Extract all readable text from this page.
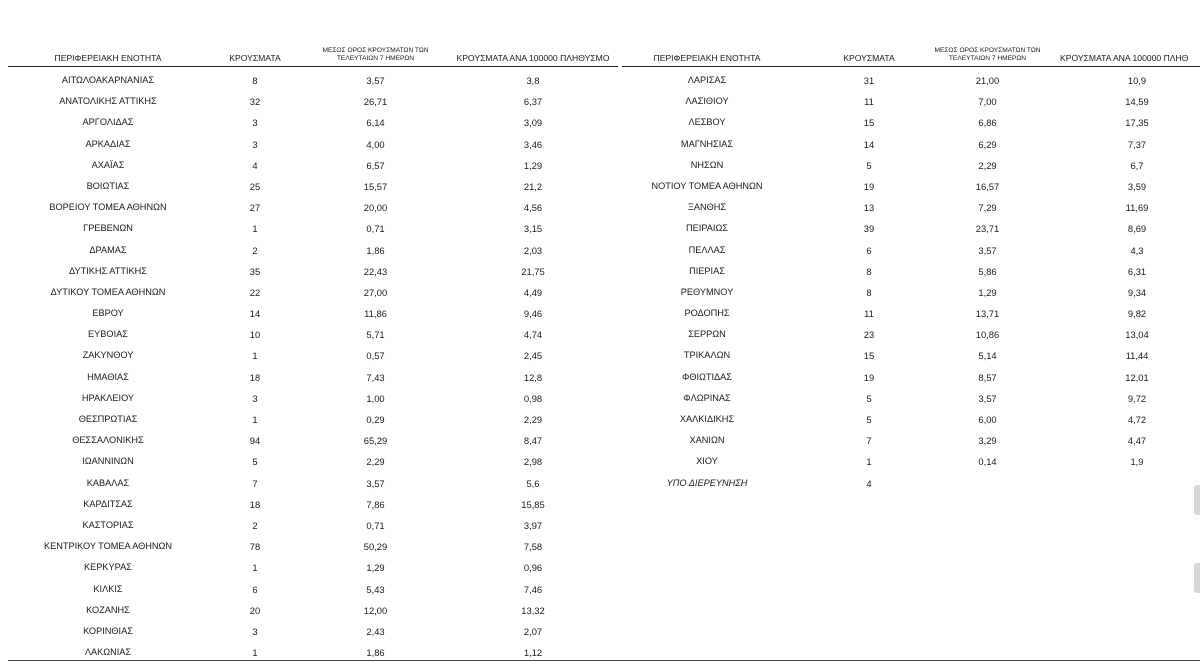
ΠΕΡΙΦΕΡΕΙΑΚΗ ΕΝΟΤΗΤΑ	ΚΡΟΥΣΜΑΤΑ
ΜΕΣΟΣ ΟΡΟΣ ΚΡΟΥΣΜΑΤΩΝ ΤΩΝ
ΤΕΛΕΥΤΑΙΩΝ 7 ΗΜΕΡΩΝ	ΚΡΟΥΣΜΑΤΑ ΑΝΑ 100000 ΠΛΗΘΥΣΜΟ
ΑΙΤΩΛΟΑΚΑΡΝΑΝΙΑΣ	8	3,57	3,8
ΑΝΑΤΟΛΙΚΗΣ ΑΤΤΙΚΗΣ	32	26,71	6,37
ΑΡΓΟΛΙΔΑΣ	3	6,14	3,09
ΑΡΚΑΔΙΑΣ	3	4,00	3,46
ΑΧΑΪΑΣ	4	6,57	1,29
ΒΟΙΩΤΙΑΣ	25	15,57	21,2
ΒΟΡΕΙΟΥ ΤΟΜΕΑ ΑΘΗΝΩΝ	27	20,00	4,56
ΓΡΕΒΕΝΩΝ	1	0,71	3,15
ΔΡΑΜΑΣ	2	1,86	2,03
ΔΥΤΙΚΗΣ ΑΤΤΙΚΗΣ	35	22,43	21,75
ΔΥΤΙΚΟΥ ΤΟΜΕΑ ΑΘΗΝΩΝ	22	27,00	4,49
ΕΒΡΟΥ	14	11,86	9,46
ΕΥΒΟΙΑΣ	10	5,71	4,74
ΖΑΚΥΝΘΟΥ	1	0,57	2,45
ΗΜΑΘΙΑΣ	18	7,43	12,8
ΗΡΑΚΛΕΙΟΥ	3	1,00	0,98
ΘΕΣΠΡΩΤΙΑΣ	1	0,29	2,29
ΘΕΣΣΑΛΟΝΙΚΗΣ	94	65,29	8,47
ΙΩΑΝΝΙΝΩΝ	5	2,29	2,98
ΚΑΒΑΛΑΣ	7	3,57	5,6
ΚΑΡΔΙΤΣΑΣ	18	7,86	15,85
ΚΑΣΤΟΡΙΑΣ	2	0,71	3,97
ΚΕΝΤΡΙΚΟΥ ΤΟΜΕΑ ΑΘΗΝΩΝ	78	50,29	7,58
ΚΕΡΚΥΡΑΣ	1	1,29	0,96
ΚΙΛΚΙΣ	6	5,43	7,46
ΚΟΖΑΝΗΣ	20	12,00	13,32
ΚΟΡΙΝΘΙΑΣ	3	2,43	2,07
ΛΑΚΩΝΙΑΣ	1	1,86	1,12
ΠΕΡΙΦΕΡΕΙΑΚΗ ΕΝΟΤΗΤΑ	ΚΡΟΥΣΜΑΤΑ
ΜΕΣΟΣ ΟΡΟΣ ΚΡΟΥΣΜΑΤΩΝ ΤΩΝ
ΤΕΛΕΥΤΑΙΩΝ 7 ΗΜΕΡΩΝ	ΚΡΟΥΣΜΑΤΑ ΑΝΑ 100000 ΠΛΗΘ
ΛΑΡΙΣΑΣ	31	21,00	10,9
ΛΑΣΙΘΙΟΥ	11	7,00	14,59
ΛΕΣΒΟΥ	15	6,86	17,35
ΜΑΓΝΗΣΙΑΣ	14	6,29	7,37
ΝΗΣΩΝ	5	2,29	6,7
ΝΟΤΙΟΥ ΤΟΜΕΑ ΑΘΗΝΩΝ	19	16,57	3,59
ΞΑΝΘΗΣ	13	7,29	11,69
ΠΕΙΡΑΙΩΣ	39	23,71	8,69
ΠΕΛΛΑΣ	6	3,57	4,3
ΠΙΕΡΙΑΣ	8	5,86	6,31
ΡΕΘΥΜΝΟΥ	8	1,29	9,34
ΡΟΔΟΠΗΣ	11	13,71	9,82
ΣΕΡΡΩΝ	23	10,86	13,04
ΤΡΙΚΑΛΩΝ	15	5,14	11,44
ΦΘΙΩΤΙΔΑΣ	19	8,57	12,01
ΦΛΩΡΙΝΑΣ	5	3,57	9,72
ΧΑΛΚΙΔΙΚΗΣ	5	6,00	4,72
ΧΑΝΙΩΝ	7	3,29	4,47
ΧΙΟΥ	1	0,14	1,9
ΥΠΟ ΔΙΕΡΕΥΝΗΣΗ	4
